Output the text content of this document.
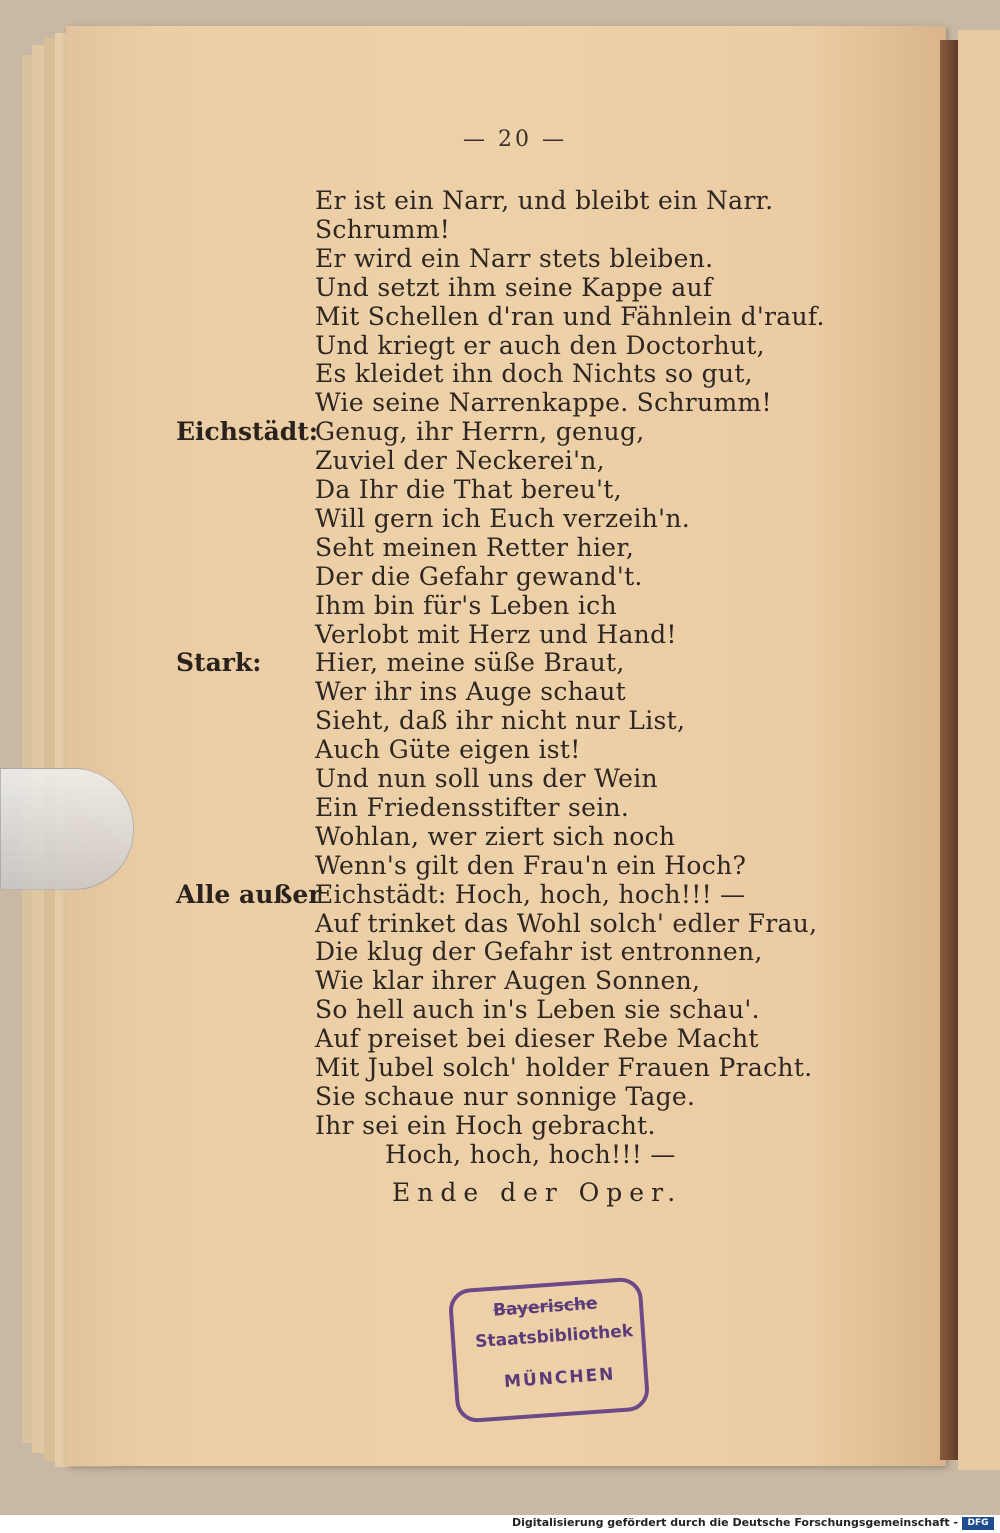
— 20 —
Er ist ein Narr, und bleibt ein Narr.
Schrumm!
Er wird ein Narr stets bleiben.
Und setzt ihm seine Kappe auf
Mit Schellen d'ran und Fähnlein d'rauf.
Und kriegt er auch den Doctorhut,
Es kleidet ihn doch Nichts so gut,
Wie seine Narrenkappe. Schrumm!
Genug, ihr Herrn, genug,
Eichstädt:
Zuviel der Neckerei'n,
Da Ihr die That bereu't,
Will gern ich Euch verzeih'n.
Seht meinen Retter hier,
Der die Gefahr gewand't.
Ihm bin für's Leben ich
Verlobt mit Herz und Hand!
Hier, meine süße Braut,
Stark:
Wer ihr ins Auge schaut
Sieht, daß ihr nicht nur List,
Auch Güte eigen ist!
Und nun soll uns der Wein
Ein Friedensstifter sein.
Wohlan, wer ziert sich noch
Wenn's gilt den Frau'n ein Hoch?
Eichstädt: Hoch, hoch, hoch!!! —
Alle außer
Auf trinket das Wohl solch' edler Frau,
Die klug der Gefahr ist entronnen,
Wie klar ihrer Augen Sonnen,
So hell auch in's Leben sie schau'.
Auf preiset bei dieser Rebe Macht
Mit Jubel solch' holder Frauen Pracht.
Sie schaue nur sonnige Tage.
Ihr sei ein Hoch gebracht.
Hoch, hoch, hoch!!! —
Ende der Oper.
Bayerische
Staatsbibliothek
MÜNCHEN
Digitalisierung gefördert durch die Deutsche Forschungsgemeinschaft -	DFG
